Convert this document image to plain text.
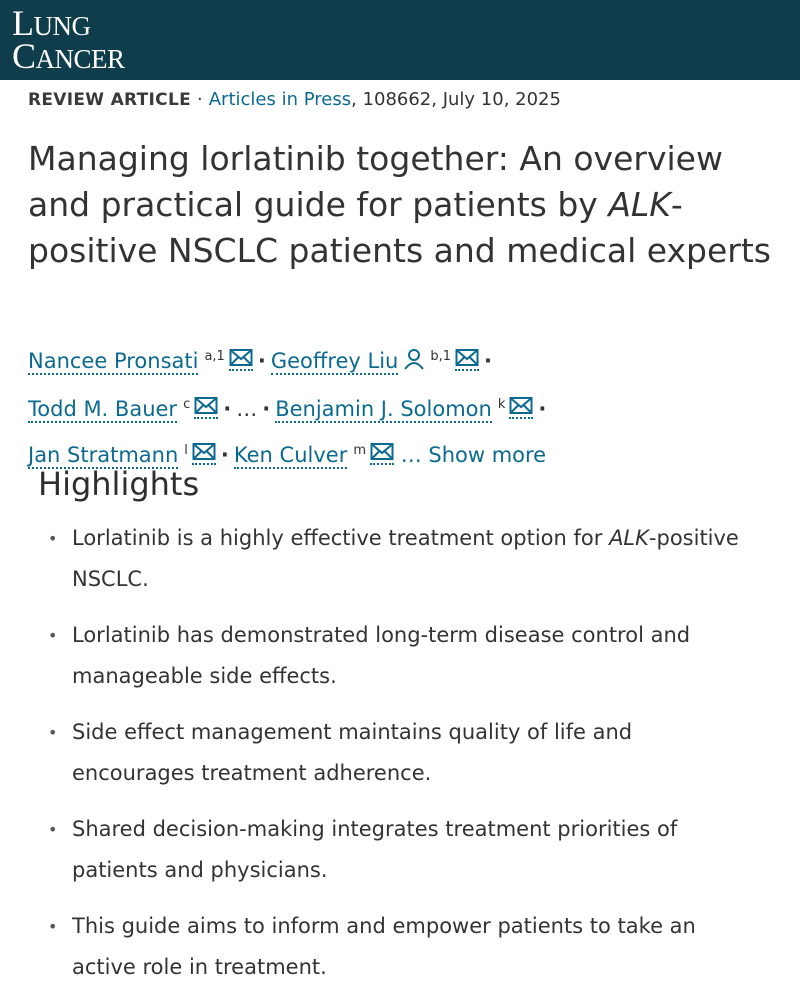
LUNG
CANCER
REVIEW ARTICLE · Articles in Press, 108662, July 10, 2025
Managing lorlatinib together: An overview and practical guide for patients by ALK-positive NSCLC patients and medical experts
Nancee Pronsati $^{a,1}$ · Geoffrey Liu $^{b,1}$ ·
Todd M. Bauer $^c$ · … · Benjamin J. Solomon $^k$ ·
Jan Stratmann $^l$ · Ken Culver $^m$ … Show more
Highlights
• Lorlatinib is a highly effective treatment option for ALK-positive NSCLC.
• Lorlatinib has demonstrated long-term disease control and manageable side effects.
• Side effect management maintains quality of life and encourages treatment adherence.
• Shared decision-making integrates treatment priorities of patients and physicians.
• This guide aims to inform and empower patients to take an active role in treatment.
